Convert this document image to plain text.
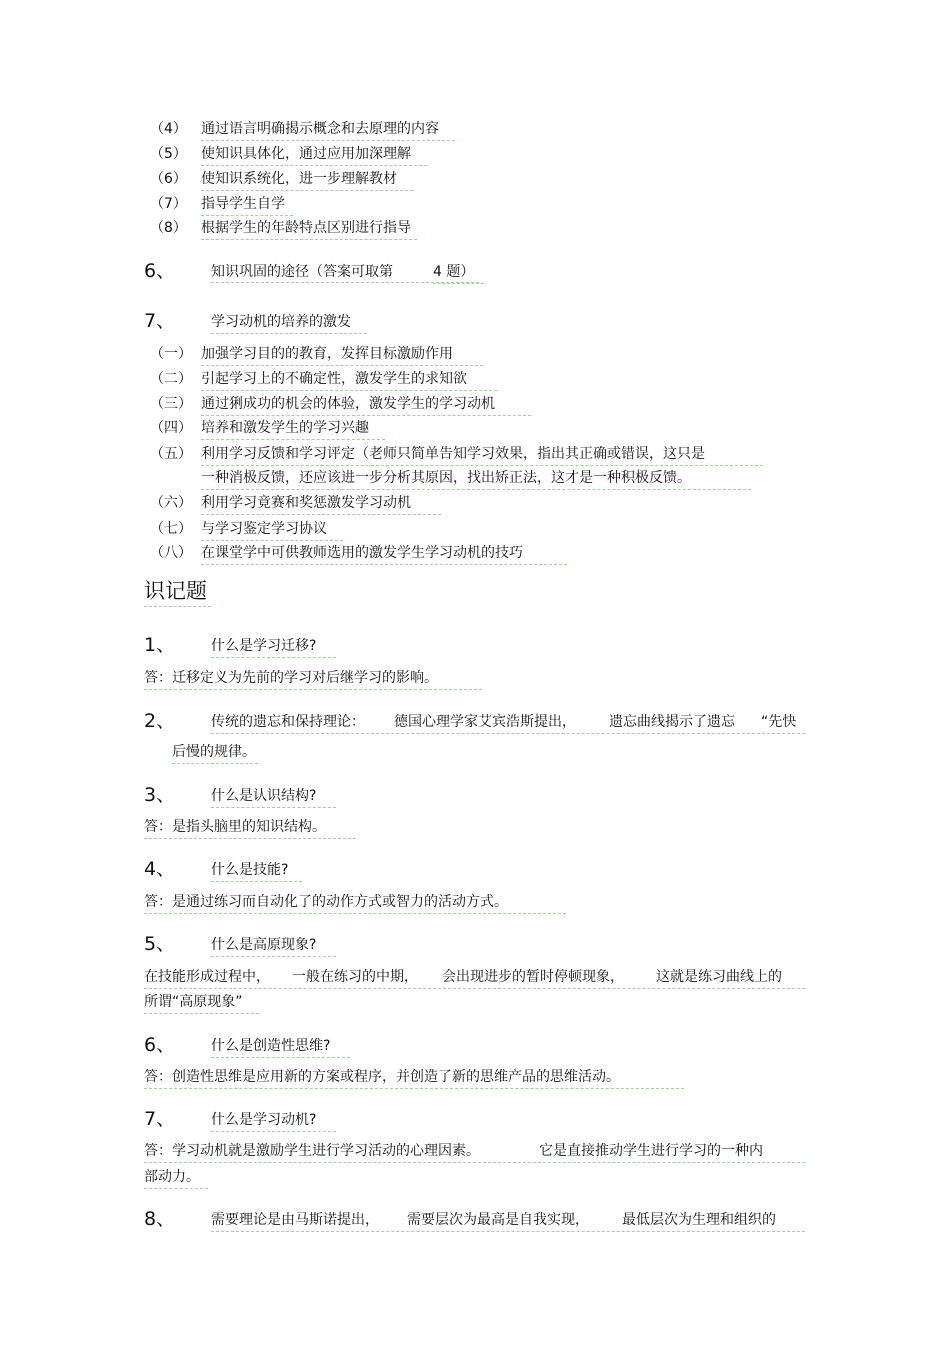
（4） 通过语言明确揭示概念和去原理的内容
（5） 使知识具体化，通过应用加深理解
（6） 使知识系统化，进一步理解教材
（7） 指导学生自学
（8） 根据学生的年龄特点区别进行指导
6、	知识巩固的途径（答案可取第	4 题）
7、	学习动机的培养的激发
（一） 加强学习目的的教育，发挥目标激励作用
（二） 引起学习上的不确定性，激发学生的求知欲
（三） 通过猁成功的机会的体验，激发学生的学习动机
（四） 培养和激发学生的学习兴趣
（五） 利用学习反馈和学习评定（老师只简单告知学习效果，指出其正确或错误，这只是
一种消极反馈，还应该进一步分析其原因，找出矫正法，这才是一种积极反馈。
（六） 利用学习竟赛和奖惩激发学习动机
（七） 与学习鉴定学习协议
（八） 在课堂学中可供教师选用的激发学生学习动机的技巧
识记题
1、	什么是学习迁移?
答：迁移定义为先前的学习对后继学习的影响。
2、	传统的遗忘和保持理论： 德国心理学家艾宾浩斯提出， 遗忘曲线揭示了遗忘 “先快
后慢的规律。
3、	什么是认识结构?
答：是指头脑里的知识结构。
4、	什么是技能?
答：是通过练习而自动化了的动作方式或智力的活动方式。
5、	什么是高原现象?
在技能形成过程中， 一般在练习的中期， 会出现进步的暂时停顿现象， 这就是练习曲线上的
所谓“高原现象”
6、	什么是创造性思维?
答：创造性思维是应用新的方案或程序，并创造了新的思维产品的思维活动。
7、	什么是学习动机?
答：学习动机就是激励学生进行学习活动的心理因素。	它是直接推动学生进行学习的一种内
部动力。
8、	需要理论是由马斯诺提出， 需要层次为最高是自我实现， 最低层次为生理和组织的
